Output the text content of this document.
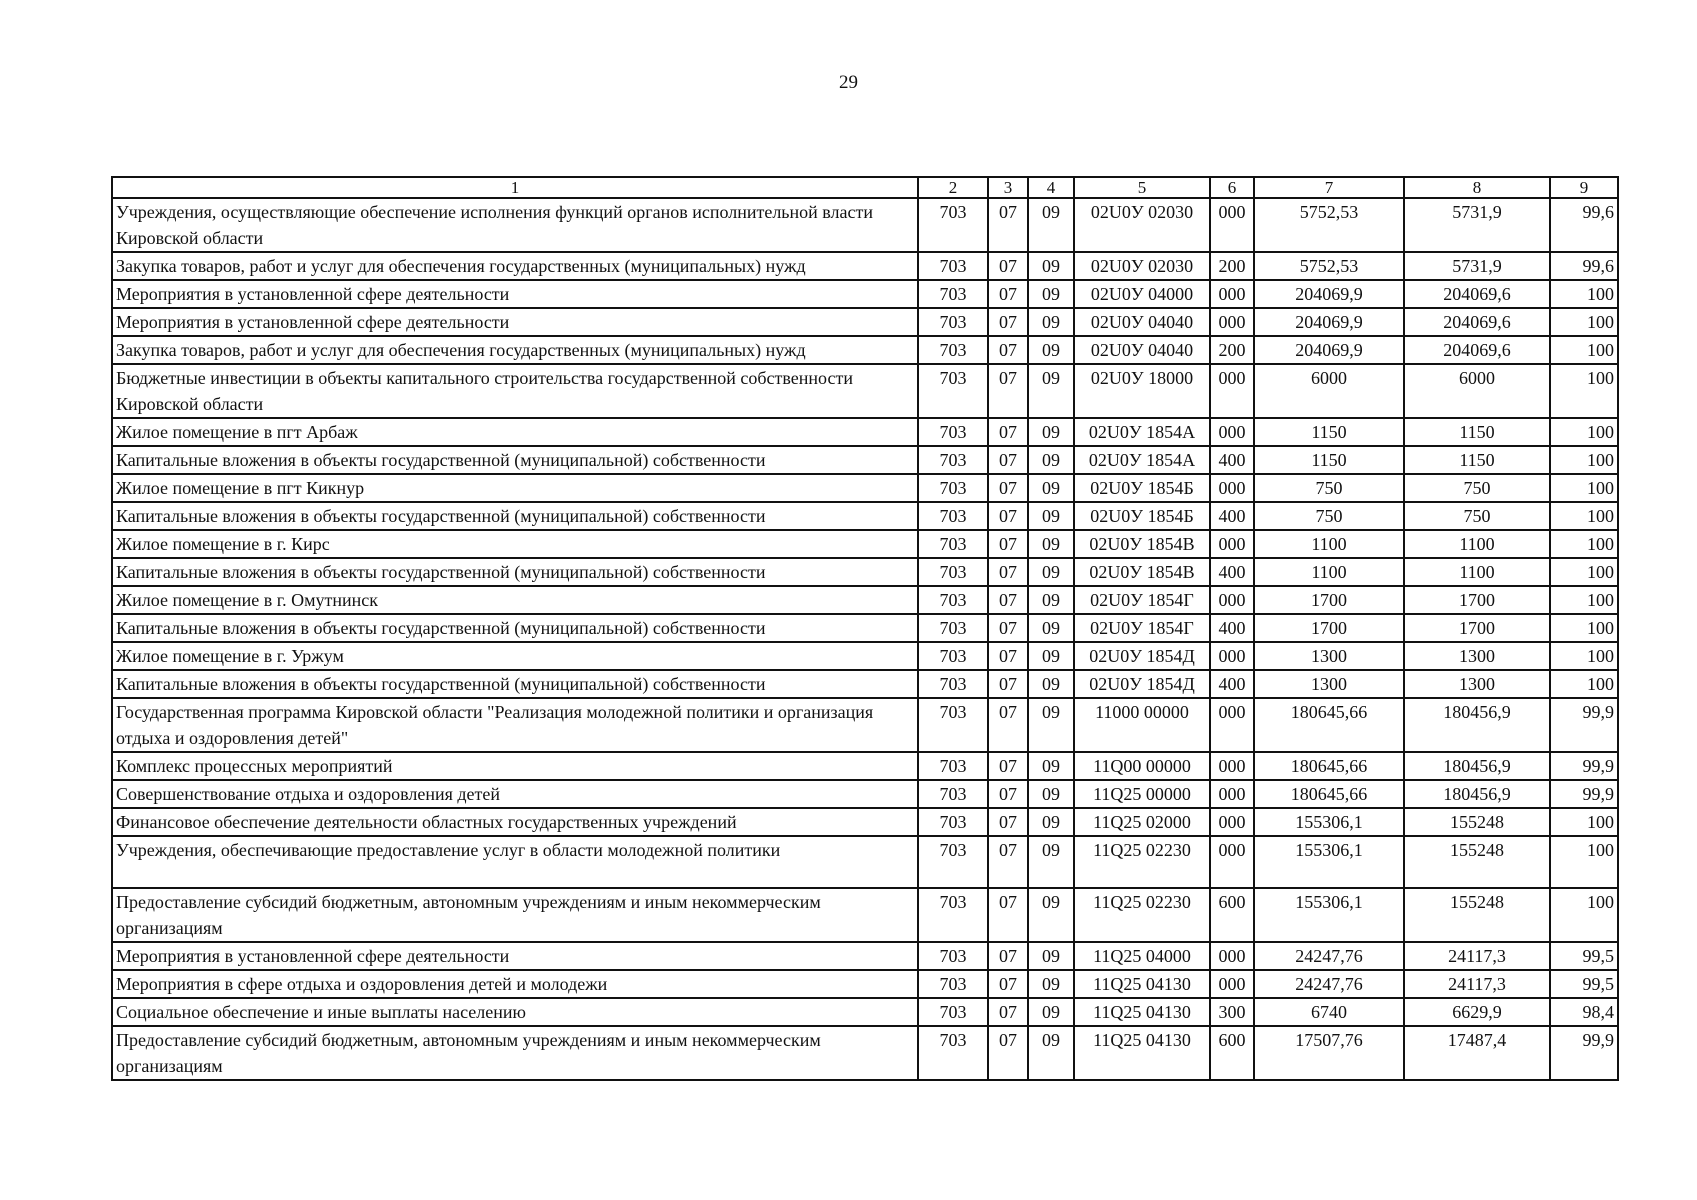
29
1	2	3	4	5	6	7	8	9
Учреждения, осуществляющие обеспечение исполнения функций органов исполнительной власти Кировской области	703	07	09	02U0У 02030	000	5752,53	5731,9	99,6
Закупка товаров, работ и услуг для обеспечения государственных (муниципальных) нужд	703	07	09	02U0У 02030	200	5752,53	5731,9	99,6
Мероприятия в установленной сфере деятельности	703	07	09	02U0У 04000	000	204069,9	204069,6	100
Мероприятия в установленной сфере деятельности	703	07	09	02U0У 04040	000	204069,9	204069,6	100
Закупка товаров, работ и услуг для обеспечения государственных (муниципальных) нужд	703	07	09	02U0У 04040	200	204069,9	204069,6	100
Бюджетные инвестиции в объекты капитального строительства государственной собственности Кировской области	703	07	09	02U0У 18000	000	6000	6000	100
Жилое помещение в пгт Арбаж	703	07	09	02U0У 1854А	000	1150	1150	100
Капитальные вложения в объекты государственной (муниципальной) собственности	703	07	09	02U0У 1854А	400	1150	1150	100
Жилое помещение в пгт Кикнур	703	07	09	02U0У 1854Б	000	750	750	100
Капитальные вложения в объекты государственной (муниципальной) собственности	703	07	09	02U0У 1854Б	400	750	750	100
Жилое помещение в г. Кирс	703	07	09	02U0У 1854В	000	1100	1100	100
Капитальные вложения в объекты государственной (муниципальной) собственности	703	07	09	02U0У 1854В	400	1100	1100	100
Жилое помещение в г. Омутнинск	703	07	09	02U0У 1854Г	000	1700	1700	100
Капитальные вложения в объекты государственной (муниципальной) собственности	703	07	09	02U0У 1854Г	400	1700	1700	100
Жилое помещение в г. Уржум	703	07	09	02U0У 1854Д	000	1300	1300	100
Капитальные вложения в объекты государственной (муниципальной) собственности	703	07	09	02U0У 1854Д	400	1300	1300	100
Государственная программа Кировской области "Реализация молодежной политики и организация отдыха и оздоровления детей"	703	07	09	11000 00000	000	180645,66	180456,9	99,9
Комплекс процессных мероприятий	703	07	09	11Q00 00000	000	180645,66	180456,9	99,9
Совершенствование отдыха и оздоровления детей	703	07	09	11Q25 00000	000	180645,66	180456,9	99,9
Финансовое обеспечение деятельности областных государственных учреждений	703	07	09	11Q25 02000	000	155306,1	155248	100
Учреждения, обеспечивающие предоставление услуг в области молодежной политики	703	07	09	11Q25 02230	000	155306,1	155248	100
Предоставление субсидий бюджетным, автономным учреждениям и иным некоммерческим организациям	703	07	09	11Q25 02230	600	155306,1	155248	100
Мероприятия в установленной сфере деятельности	703	07	09	11Q25 04000	000	24247,76	24117,3	99,5
Мероприятия в сфере отдыха и оздоровления детей и молодежи	703	07	09	11Q25 04130	000	24247,76	24117,3	99,5
Социальное обеспечение и иные выплаты населению	703	07	09	11Q25 04130	300	6740	6629,9	98,4
Предоставление субсидий бюджетным, автономным учреждениям и иным некоммерческим организациям	703	07	09	11Q25 04130	600	17507,76	17487,4	99,9
